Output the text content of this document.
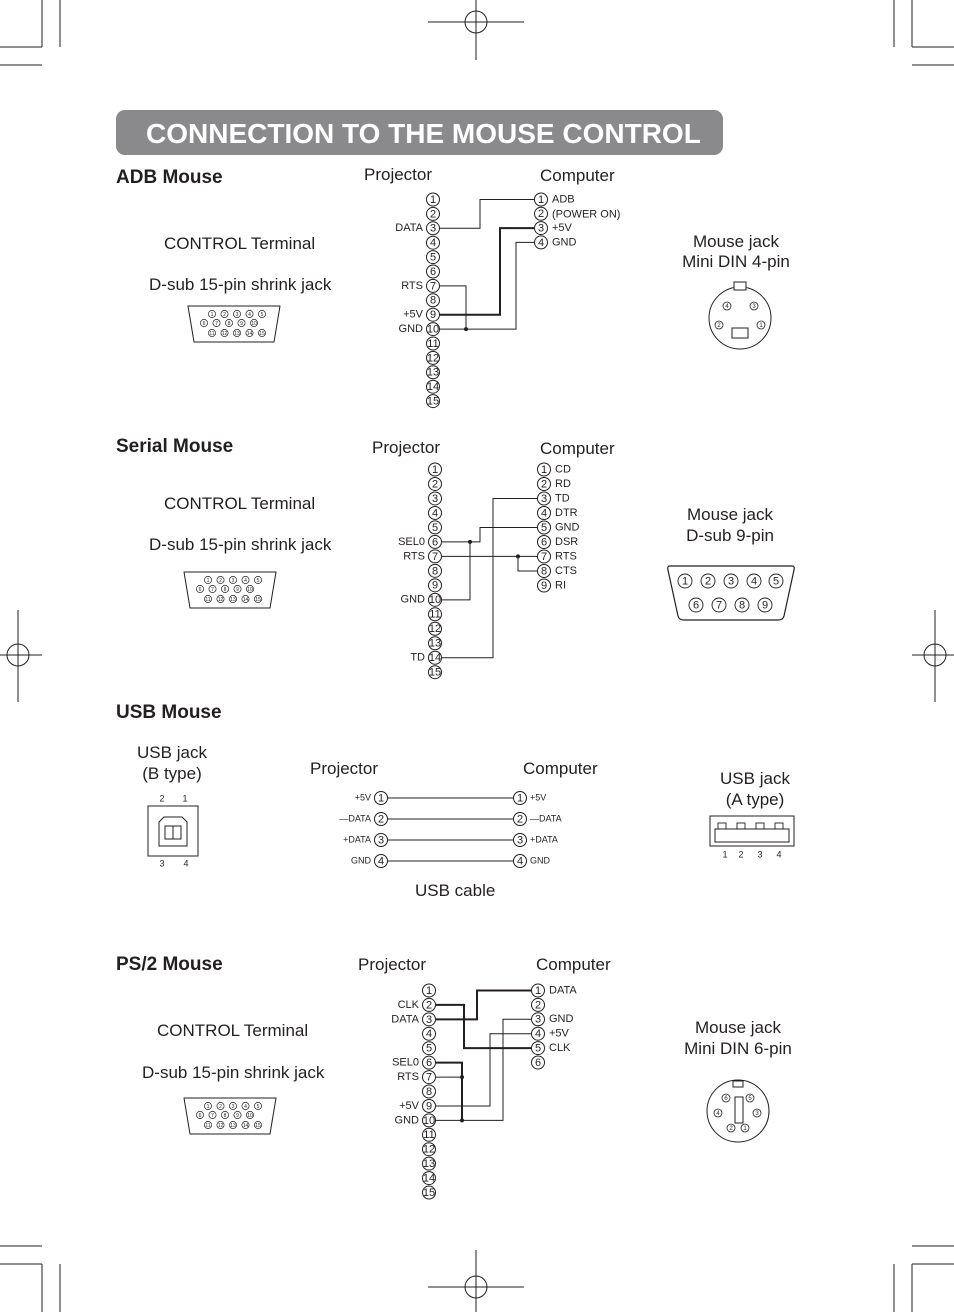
CONNECTION TO THE MOUSE CONTROL
ADB Mouse	Projector	Computer
CONTROL Terminal
D-sub 15-pin shrink jack
Mouse jack
Mini DIN 4-pin
Serial Mouse	Projector	Computer
CONTROL Terminal
D-sub 15-pin shrink jack
Mouse jack
D-sub 9-pin
USB Mouse
USB jack
(B type)	Projector	Computer
USB jack
(A type)
USB cable
PS/2 Mouse	Projector	Computer
CONTROL Terminal
D-sub 15-pin shrink jack
Mouse jack
Mini DIN 6-pin
1
2
3
4
5
6
7
8
9
10
11
12
13
14
15
DATA
RTS
+5V
GND
1
2
3
4
ADB
(POWER ON)
+5V
GND
1 2 3 4 5
6 7 8 9 10
11 12 13 14 15
4	3
2	1
1
2
3
4
5
6
7
8
9
10
11
12
13
14
15
SEL0
RTS
GND
TD
1
2
3
4
5
6
7
8
9
CD
RD
TD
DTR
GND
DSR
RTS
CTS
RI
1 2 3 4 5
6 7 8 9 10
11 12 13 14 15
1 2 3 4 5
6 7 8 9
1	1
+5V	+5V
2	2
—DATA	—DATA
3	3
+DATA	+DATA
4	4
GND	GND
2 1
3 4
1 2 3 4
1
2
3
4
5
6
7
8
9
10
11
12
13
14
15
CLK
DATA
SEL0
RTS
+5V
GND
1
2
3
4
5
6
DATA
GND
+5V
CLK
1 2 3 4 5
6 7 8 9 10
11 12 13 14 15
6	5
4	3
2 1
